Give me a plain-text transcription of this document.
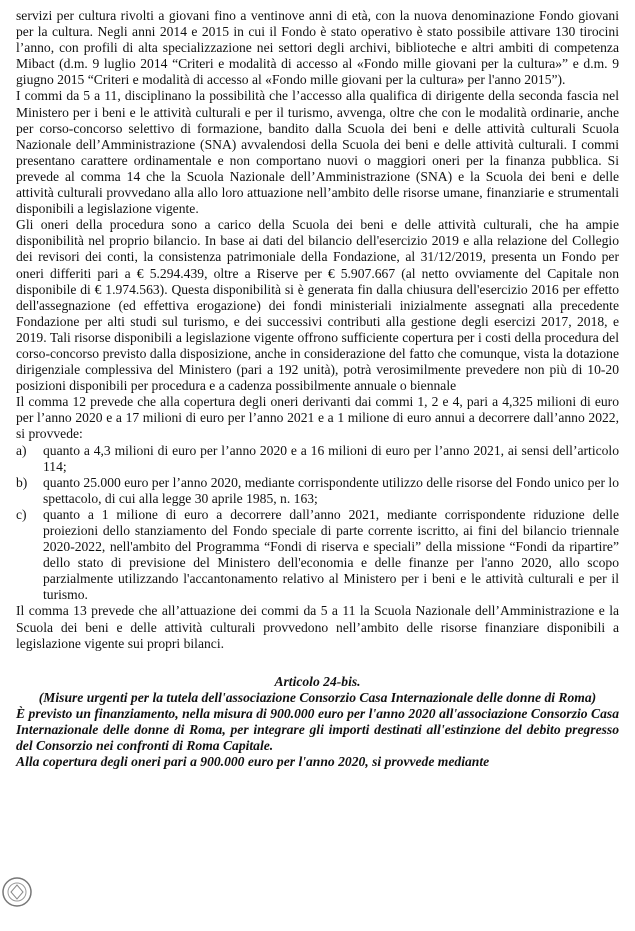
servizi per cultura rivolti a giovani fino a ventinove anni di età, con la nuova denominazione Fondo giovani per la cultura. Negli anni 2014 e 2015 in cui il Fondo è stato operativo è stato possibile attivare 130 tirocini l’anno, con profili di alta specializzazione nei settori degli archivi, biblioteche e altri ambiti di competenza Mibact (d.m. 9 luglio 2014 “Criteri e modalità di accesso al «Fondo mille giovani per la cultura»” e d.m. 9 giugno 2015 “Criteri e modalità di accesso al «Fondo mille giovani per la cultura» per l'anno 2015”).

I commi da 5 a 11, disciplinano la possibilità che l’accesso alla qualifica di dirigente della seconda fascia nel Ministero per i beni e le attività culturali e per il turismo, avvenga, oltre che con le modalità ordinarie, anche per corso-concorso selettivo di formazione, bandito dalla Scuola dei beni e delle attività culturali Scuola Nazionale dell’Amministrazione (SNA) avvalendosi della Scuola dei beni e delle attività culturali. I commi presentano carattere ordinamentale e non comportano nuovi o maggiori oneri per la finanza pubblica. Si prevede al comma 14 che la Scuola Nazionale dell’Amministrazione (SNA) e la Scuola dei beni e delle attività culturali provvedano alla allo loro attuazione nell’ambito delle risorse umane, finanziarie e strumentali disponibili a legislazione vigente.

Gli oneri della procedura sono a carico della Scuola dei beni e delle attività culturali, che ha ampie disponibilità nel proprio bilancio. In base ai dati del bilancio dell'esercizio 2019 e alla relazione del Collegio dei revisori dei conti, la consistenza patrimoniale della Fondazione, al 31/12/2019, presenta un Fondo per oneri differiti pari a € 5.294.439, oltre a Riserve per € 5.907.667 (al netto ovviamente del Capitale non disponibile di € 1.974.563). Questa disponibilità si è generata fin dalla chiusura dell'esercizio 2016 per effetto dell'assegnazione (ed effettiva erogazione) dei fondi ministeriali inizialmente assegnati alla precedente Fondazione per alti studi sul turismo, e dei successivi contributi alla gestione degli esercizi 2017, 2018, e 2019. Tali risorse disponibili a legislazione vigente offrono sufficiente copertura per i costi della procedura del corso-concorso previsto dalla disposizione, anche in considerazione del fatto che comunque, vista la dotazione dirigenziale complessiva del Ministero (pari a 192 unità), potrà verosimilmente prevedere non più di 10-20 posizioni disponibili per procedura e a cadenza possibilmente annuale o biennale

Il comma 12 prevede che alla copertura degli oneri derivanti dai commi 1, 2 e 4, pari a 4,325 milioni di euro per l’anno 2020 e a 17 milioni di euro per l’anno 2021 e a 1 milione di euro annui a decorrere dall’anno 2022, si provvede:

a) quanto a 4,3 milioni di euro per l’anno 2020 e a 16 milioni di euro per l’anno 2021, ai sensi dell’articolo 114;
b) quanto 25.000 euro per l’anno 2020, mediante corrispondente utilizzo delle risorse del Fondo unico per lo spettacolo, di cui alla legge 30 aprile 1985, n. 163;
c) quanto a 1 milione di euro a decorrere dall’anno 2021, mediante corrispondente riduzione delle proiezioni dello stanziamento del Fondo speciale di parte corrente iscritto, ai fini del bilancio triennale 2020-2022, nell'ambito del Programma “Fondi di riserva e speciali” della missione “Fondi da ripartire” dello stato di previsione del Ministero dell'economia e delle finanze per l'anno 2020, allo scopo parzialmente utilizzando l'accantonamento relativo al Ministero per i beni e le attività culturali e per il turismo.

Il comma 13 prevede che all’attuazione dei commi da 5 a 11 la Scuola Nazionale dell’Amministrazione e la Scuola dei beni e delle attività culturali provvedono nell’ambito delle risorse finanziare disponibili a legislazione vigente sui propri bilanci.

Articolo 24-bis.

(Misure urgenti per la tutela dell'associazione Consorzio Casa Internazionale delle donne di Roma)

È previsto un finanziamento, nella misura di 900.000 euro per l'anno 2020 all'associazione Consorzio Casa Internazionale delle donne di Roma, per integrare gli importi destinati all'estinzione del debito pregresso del Consorzio nei confronti di Roma Capitale.

Alla copertura degli oneri pari a 900.000 euro per l'anno 2020, si provvede mediante
